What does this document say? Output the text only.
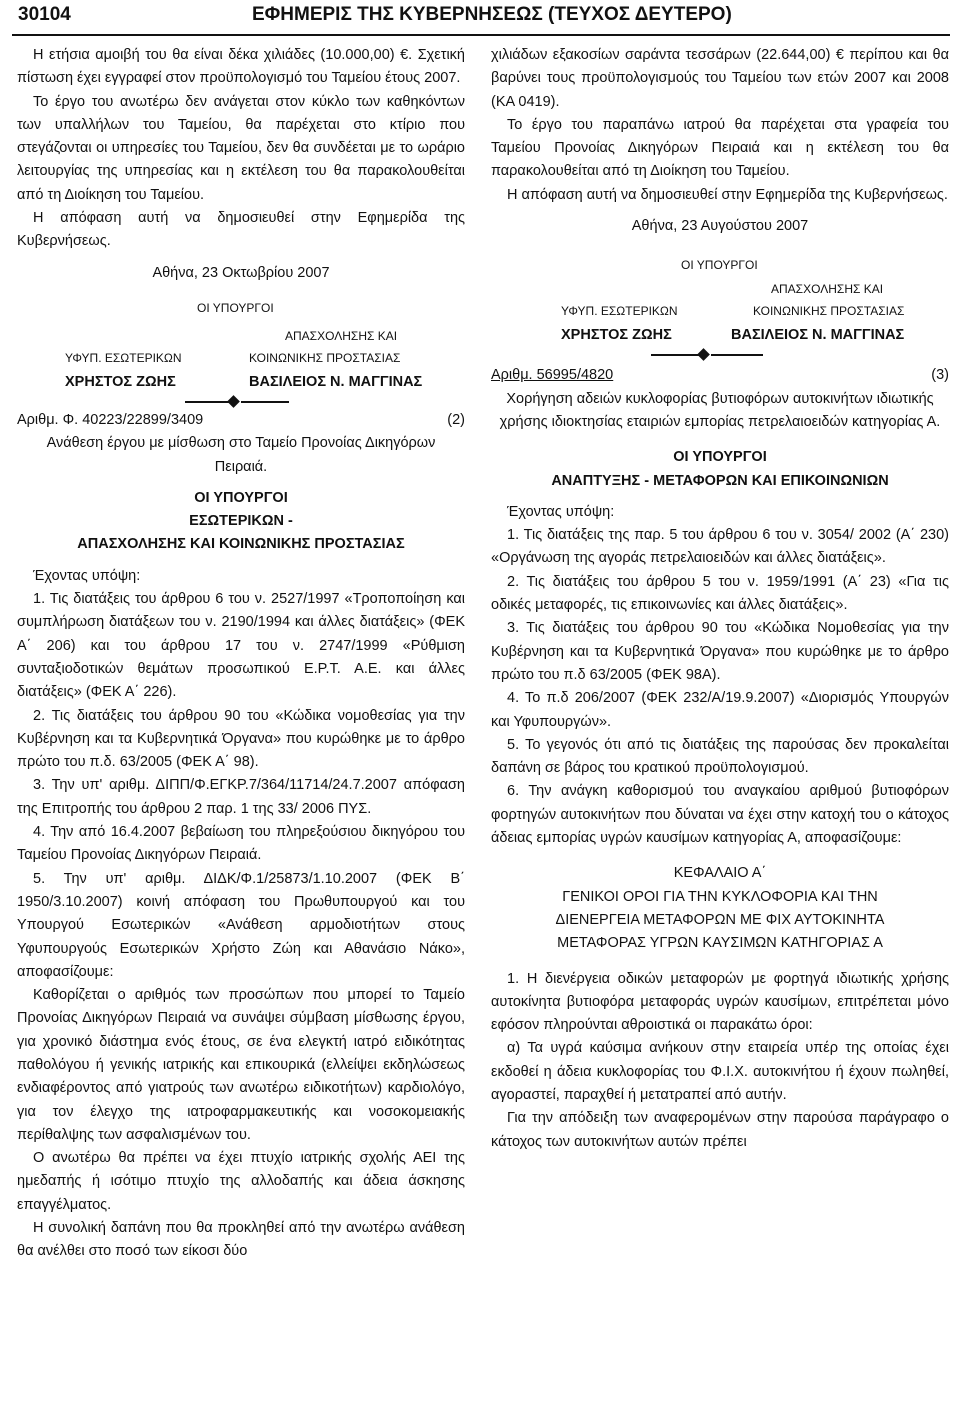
30104	ΕΦΗΜΕΡΙΣ ΤΗΣ ΚΥΒΕΡΝΗΣΕΩΣ (ΤΕΥΧΟΣ ΔΕΥΤΕΡΟ)

Η ετήσια αμοιβή του θα είναι δέκα χιλιάδες (10.000,00) €. Σχετική πίστωση έχει εγγραφεί στον προϋπολογισμό του Ταμείου έτους 2007.

Το έργο του ανωτέρω δεν ανάγεται στον κύκλο των καθηκόντων των υπαλλήλων του Ταμείου, θα παρέχεται στο κτίριο που στεγάζονται οι υπηρεσίες του Ταμείου, δεν θα συνδέεται με το ωράριο λειτουργίας της υπηρεσίας και η εκτέλεση του θα παρακολουθείται από τη Διοίκηση του Ταμείου.

Η απόφαση αυτή να δημοσιευθεί στην Εφημερίδα της Κυβερνήσεως.

Αθήνα, 23 Οκτωβρίου 2007

ΟΙ ΥΠΟΥΡΓΟΙ
ΑΠΑΣΧΟΛΗΣΗΣ ΚΑΙ
ΥΦΥΠ. ΕΣΩΤΕΡΙΚΩΝ	ΚΟΙΝΩΝΙΚΗΣ ΠΡΟΣΤΑΣΙΑΣ
ΧΡΗΣΤΟΣ ΖΩΗΣ	ΒΑΣΙΛΕΙΟΣ Ν. ΜΑΓΓΙΝΑΣ
Αριθμ. Φ. 40223/22899/3409	(2)

Ανάθεση έργου με μίσθωση στο Ταμείο Προνοίας Δικηγόρων Πειραιά.

ΟΙ ΥΠΟΥΡΓΟΙ

ΕΣΩΤΕΡΙΚΩΝ -

ΑΠΑΣΧΟΛΗΣΗΣ ΚΑΙ ΚΟΙΝΩΝΙΚΗΣ ΠΡΟΣΤΑΣΙΑΣ

Έχοντας υπόψη:

1. Τις διατάξεις του άρθρου 6 του ν. 2527/1997 «Τροποποίηση και συμπλήρωση διατάξεων του ν. 2190/1994 και άλλες διατάξεις» (ΦΕΚ Α΄ 206) και του άρθρου 17 του ν. 2747/1999 «Ρύθμιση συνταξιοδοτικών θεμάτων προσωπικού Ε.Ρ.Τ. Α.Ε. και άλλες διατάξεις» (ΦΕΚ Α΄ 226).

2. Τις διατάξεις του άρθρου 90 του «Κώδικα νομοθεσίας για την Κυβέρνηση και τα Κυβερνητικά Όργανα» που κυρώθηκε με το άρθρο πρώτο του π.δ. 63/2005 (ΦΕΚ Α΄ 98).

3. Την υπ' αριθμ. ΔΙΠΠ/Φ.ΕΓΚΡ.7/364/11714/24.7.2007 απόφαση της Επιτροπής του άρθρου 2 παρ. 1 της 33/ 2006 ΠΥΣ.

4. Την από 16.4.2007 βεβαίωση του πληρεξούσιου δικηγόρου του Ταμείου Προνοίας Δικηγόρων Πειραιά.

5. Την υπ' αριθμ. ΔΙΔΚ/Φ.1/25873/1.10.2007 (ΦΕΚ Β΄ 1950/3.10.2007) κοινή απόφαση του Πρωθυπουργού και του Υπουργού Εσωτερικών «Ανάθεση αρμοδιοτήτων στους Υφυπουργούς Εσωτερικών Χρήστο Ζώη και Αθανάσιο Νάκο», αποφασίζουμε:

Καθορίζεται ο αριθμός των προσώπων που μπορεί το Ταμείο Προνοίας Δικηγόρων Πειραιά να συνάψει σύμβαση μίσθωσης έργου, για χρονικό διάστημα ενός έτους, σε ένα ελεγκτή ιατρό ειδικότητας παθολόγου ή γενικής ιατρικής και επικουρικά (ελλείψει εκδηλώσεως ενδιαφέροντος από γιατρούς των ανωτέρω ειδικοτήτων) καρδιολόγο, για τον έλεγχο της ιατροφαρμακευτικής και νοσοκομειακής περίθαλψης των ασφαλισμένων του.

Ο ανωτέρω θα πρέπει να έχει πτυχίο ιατρικής σχολής ΑΕΙ της ημεδαπής ή ισότιμο πτυχίο της αλλοδαπής και άδεια άσκησης επαγγέλματος.

Η συνολική δαπάνη που θα προκληθεί από την ανωτέρω ανάθεση θα ανέλθει στο ποσό των είκοσι δύο

χιλιάδων εξακοσίων σαράντα τεσσάρων (22.644,00) € περίπου και θα βαρύνει τους προϋπολογισμούς του Ταμείου των ετών 2007 και 2008 (ΚΑ 0419).

Το έργο του παραπάνω ιατρού θα παρέχεται στα γραφεία του Ταμείου Προνοίας Δικηγόρων Πειραιά και η εκτέλεση του θα παρακολουθείται από τη Διοίκηση του Ταμείου.

Η απόφαση αυτή να δημοσιευθεί στην Εφημερίδα της Κυβερνήσεως.

Αθήνα, 23 Αυγούστου 2007

ΟΙ ΥΠΟΥΡΓΟΙ
ΑΠΑΣΧΟΛΗΣΗΣ ΚΑΙ
ΥΦΥΠ. ΕΣΩΤΕΡΙΚΩΝ	ΚΟΙΝΩΝΙΚΗΣ ΠΡΟΣΤΑΣΙΑΣ
ΧΡΗΣΤΟΣ ΖΩΗΣ	ΒΑΣΙΛΕΙΟΣ Ν. ΜΑΓΓΙΝΑΣ
Αριθμ. 56995/4820	(3)

Χορήγηση αδειών κυκλοφορίας βυτιοφόρων αυτοκινήτων ιδιωτικής χρήσης ιδιοκτησίας εταιριών εμπορίας πετρελαιοειδών κατηγορίας Α.

ΟΙ ΥΠΟΥΡΓΟΙ

ΑΝΑΠΤΥΞΗΣ - ΜΕΤΑΦΟΡΩΝ ΚΑΙ ΕΠΙΚΟΙΝΩΝΙΩΝ

Έχοντας υπόψη:

1. Τις διατάξεις της παρ. 5 του άρθρου 6 του ν. 3054/ 2002 (Α΄ 230) «Οργάνωση της αγοράς πετρελαιοειδών και άλλες διατάξεις».

2. Τις διατάξεις του άρθρου 5 του ν. 1959/1991 (Α΄ 23) «Για τις οδικές μεταφορές, τις επικοινωνίες και άλλες διατάξεις».

3. Τις διατάξεις του άρθρου 90 του «Κώδικα Νομοθεσίας για την Κυβέρνηση και τα Κυβερνητικά Όργανα» που κυρώθηκε με το άρθρο πρώτο του π.δ 63/2005 (ΦΕΚ 98Α).

4. Το π.δ 206/2007 (ΦΕΚ 232/Α/19.9.2007) «Διορισμός Υπουργών και Υφυπουργών».

5. Το γεγονός ότι από τις διατάξεις της παρούσας δεν προκαλείται δαπάνη σε βάρος του κρατικού προϋπολογισμού.

6. Την ανάγκη καθορισμού του αναγκαίου αριθμού βυτιοφόρων φορτηγών αυτοκινήτων που δύναται να έχει στην κατοχή του ο κάτοχος άδειας εμπορίας υγρών καυσίμων κατηγορίας Α, αποφασίζουμε:

ΚΕΦΑΛΑΙΟ Α΄

ΓΕΝΙΚΟΙ ΟΡΟΙ ΓΙΑ ΤΗΝ ΚΥΚΛΟΦΟΡΙΑ ΚΑΙ ΤΗΝ

ΔΙΕΝΕΡΓΕΙΑ ΜΕΤΑΦΟΡΩΝ ΜΕ ΦΙΧ ΑΥΤΟΚΙΝΗΤΑ

ΜΕΤΑΦΟΡΑΣ ΥΓΡΩΝ ΚΑΥΣΙΜΩΝ ΚΑΤΗΓΟΡΙΑΣ Α

1. Η διενέργεια οδικών μεταφορών με φορτηγά ιδιωτικής χρήσης αυτοκίνητα βυτιοφόρα μεταφοράς υγρών καυσίμων, επιτρέπεται μόνο εφόσον πληρούνται αθροιστικά οι παρακάτω όροι:

α) Τα υγρά καύσιμα ανήκουν στην εταιρεία υπέρ της οποίας έχει εκδοθεί η άδεια κυκλοφορίας του Φ.Ι.Χ. αυτοκινήτου ή έχουν πωληθεί, αγοραστεί, παραχθεί ή μετατραπεί από αυτήν.

Για την απόδειξη των αναφερομένων στην παρούσα παράγραφο ο κάτοχος των αυτοκινήτων αυτών πρέπει
